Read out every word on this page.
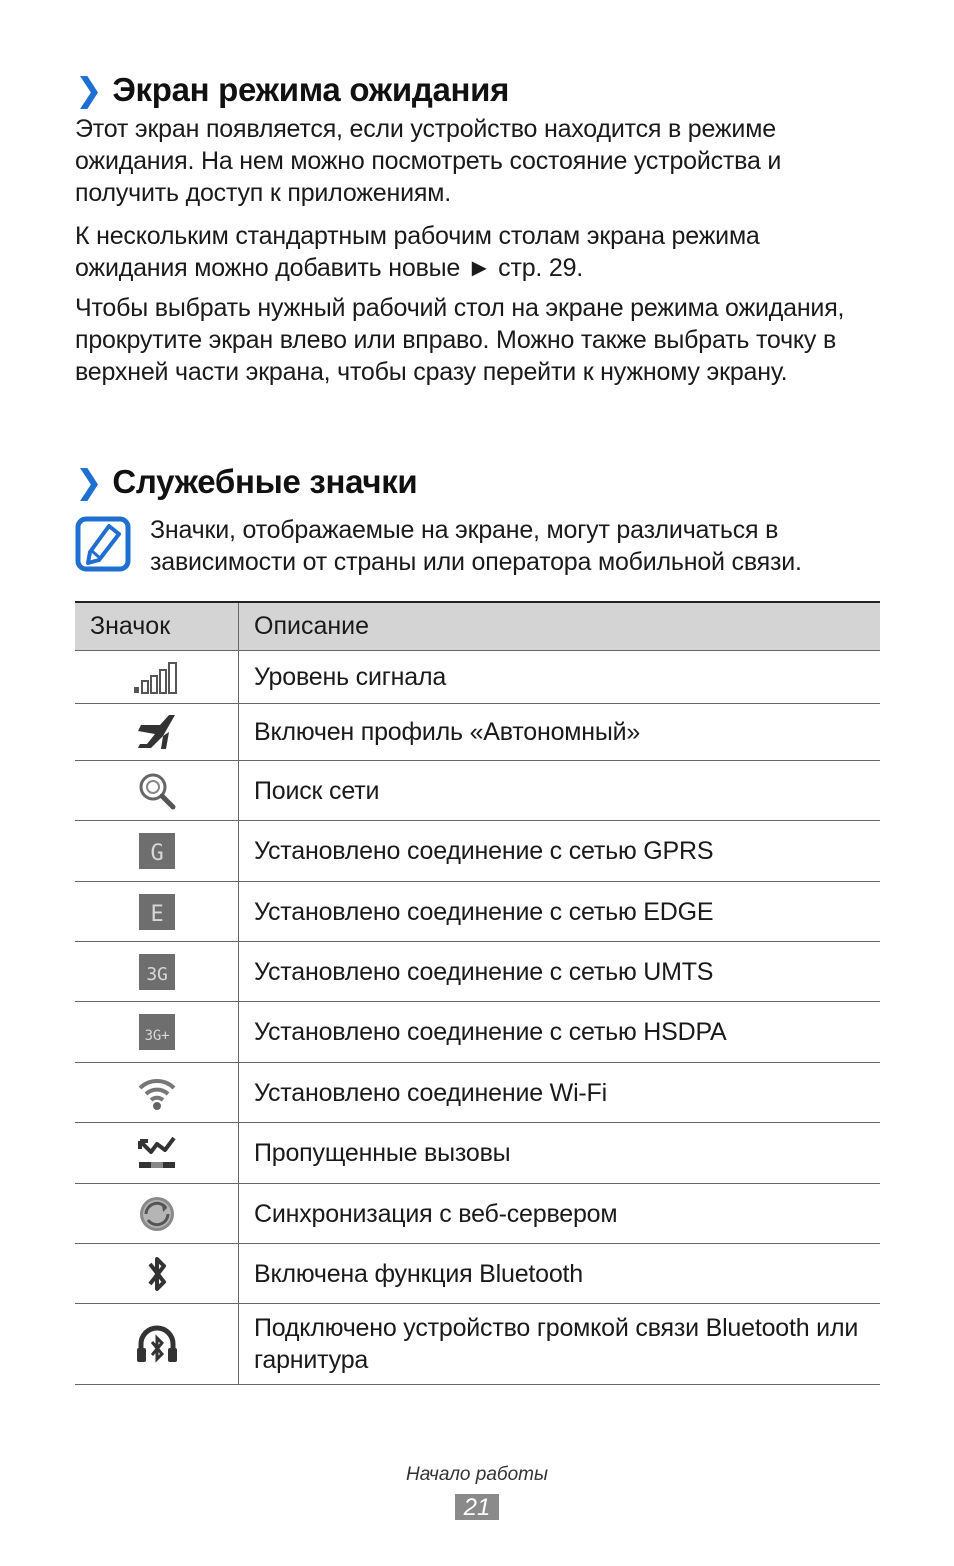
❯ Экран режима ожидания

Этот экран появляется, если устройство находится в режиме ожидания. На нем можно посмотреть состояние устройства и получить доступ к приложениям.

К нескольким стандартным рабочим столам экрана режима ожидания можно добавить новые ► стр. 29.

Чтобы выбрать нужный рабочий стол на экране режима ожидания, прокрутите экран влево или вправо. Можно также выбрать точку в верхней части экрана, чтобы сразу перейти к нужному экрану.

❯ Служебные значки

Значки, отображаемые на экране, могут различаться в зависимости от страны или оператора мобильной связи.

Значок	Описание
	Уровень сигнала
	Включен профиль «Автономный»
	Поиск сети

G	Установлено соединение с сетью GPRS

E	Установлено соединение с сетью EDGE

3G	Установлено соединение с сетью UMTS

3G+	Установлено соединение с сетью HSDPA
	Установлено соединение Wi-Fi
	Пропущенные вызовы
	Синхронизация с веб-сервером
	Включена функция Bluetooth
	Подключено устройство громкой связи Bluetooth или гарнитура
Начало работы
21
